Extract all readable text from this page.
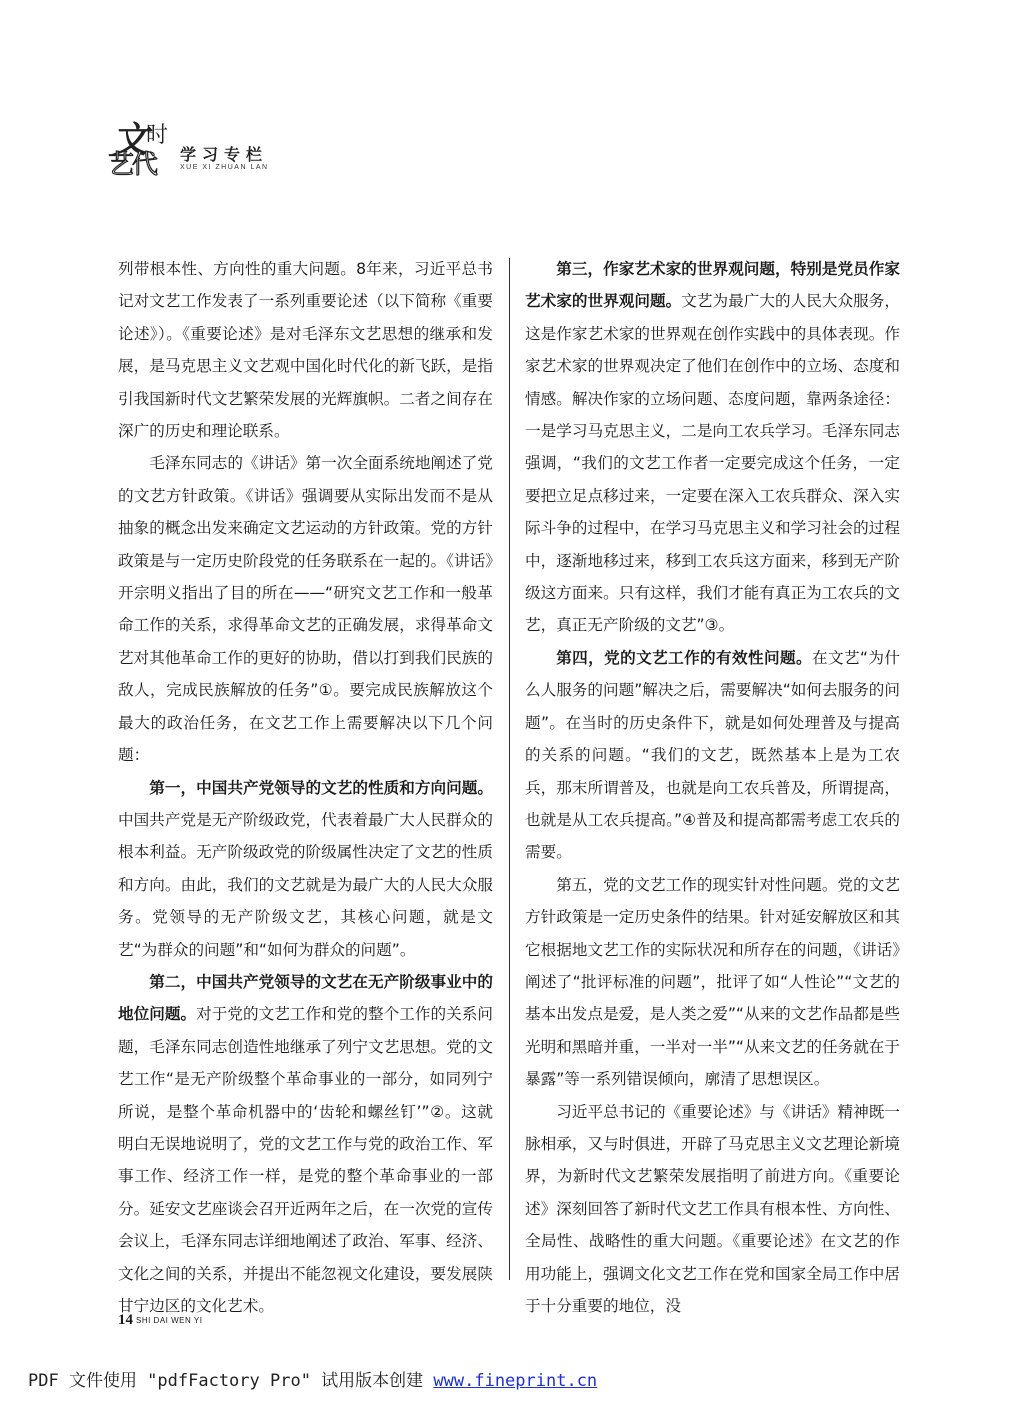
文
时
艺代 学习专栏
XUE XI ZHUAN LAN

列带根本性、方向性的重大问题。8年来，习近平总书记对文艺工作发表了一系列重要论述（以下简称《重要论述》）。《重要论述》是对毛泽东文艺思想的继承和发展，是马克思主义文艺观中国化时代化的新飞跃，是指引我国新时代文艺繁荣发展的光辉旗帜。二者之间存在深广的历史和理论联系。

毛泽东同志的《讲话》第一次全面系统地阐述了党的文艺方针政策。《讲话》强调要从实际出发而不是从抽象的概念出发来确定文艺运动的方针政策。党的方针政策是与一定历史阶段党的任务联系在一起的。《讲话》开宗明义指出了目的所在——“研究文艺工作和一般革命工作的关系，求得革命文艺的正确发展，求得革命文艺对其他革命工作的更好的协助，借以打到我们民族的敌人，完成民族解放的任务”①。要完成民族解放这个最大的政治任务，在文艺工作上需要解决以下几个问题：

第一，中国共产党领导的文艺的性质和方向问题。中国共产党是无产阶级政党，代表着最广大人民群众的根本利益。无产阶级政党的阶级属性决定了文艺的性质和方向。由此，我们的文艺就是为最广大的人民大众服务。党领导的无产阶级文艺，其核心问题，就是文艺“为群众的问题”和“如何为群众的问题”。

第二，中国共产党领导的文艺在无产阶级事业中的地位问题。对于党的文艺工作和党的整个工作的关系问题，毛泽东同志创造性地继承了列宁文艺思想。党的文艺工作“是无产阶级整个革命事业的一部分，如同列宁所说，是整个革命机器中的‘齿轮和螺丝钉’”②。这就明白无误地说明了，党的文艺工作与党的政治工作、军事工作、经济工作一样，是党的整个革命事业的一部分。延安文艺座谈会召开近两年之后，在一次党的宣传会议上，毛泽东同志详细地阐述了政治、军事、经济、文化之间的关系，并提出不能忽视文化建设，要发展陕甘宁边区的文化艺术。

第三，作家艺术家的世界观问题，特别是党员作家艺术家的世界观问题。文艺为最广大的人民大众服务，这是作家艺术家的世界观在创作实践中的具体表现。作家艺术家的世界观决定了他们在创作中的立场、态度和情感。解决作家的立场问题、态度问题，靠两条途径：一是学习马克思主义，二是向工农兵学习。毛泽东同志强调，“我们的文艺工作者一定要完成这个任务，一定要把立足点移过来，一定要在深入工农兵群众、深入实际斗争的过程中，在学习马克思主义和学习社会的过程中，逐渐地移过来，移到工农兵这方面来，移到无产阶级这方面来。只有这样，我们才能有真正为工农兵的文艺，真正无产阶级的文艺”③。

第四，党的文艺工作的有效性问题。在文艺“为什么人服务的问题”解决之后，需要解决“如何去服务的问题”。在当时的历史条件下，就是如何处理普及与提高的关系的问题。“我们的文艺，既然基本上是为工农兵，那末所谓普及，也就是向工农兵普及，所谓提高，也就是从工农兵提高。”④普及和提高都需考虑工农兵的需要。

第五，党的文艺工作的现实针对性问题。党的文艺方针政策是一定历史条件的结果。针对延安解放区和其它根据地文艺工作的实际状况和所存在的问题，《讲话》阐述了“批评标准的问题”，批评了如“人性论”“文艺的基本出发点是爱，是人类之爱”“从来的文艺作品都是些光明和黑暗并重，一半对一半”“从来文艺的任务就在于暴露”等一系列错误倾向，廓清了思想误区。

习近平总书记的《重要论述》与《讲话》精神既一脉相承，又与时俱进，开辟了马克思主义文艺理论新境界，为新时代文艺繁荣发展指明了前进方向。《重要论述》深刻回答了新时代文艺工作具有根本性、方向性、全局性、战略性的重大问题。《重要论述》在文艺的作用功能上，强调文化文艺工作在党和国家全局工作中居于十分重要的地位，没

14 SHI DAI WEN YI
PDF 文件使用 "pdfFactory Pro" 试用版本创建 www.fineprint.cn
